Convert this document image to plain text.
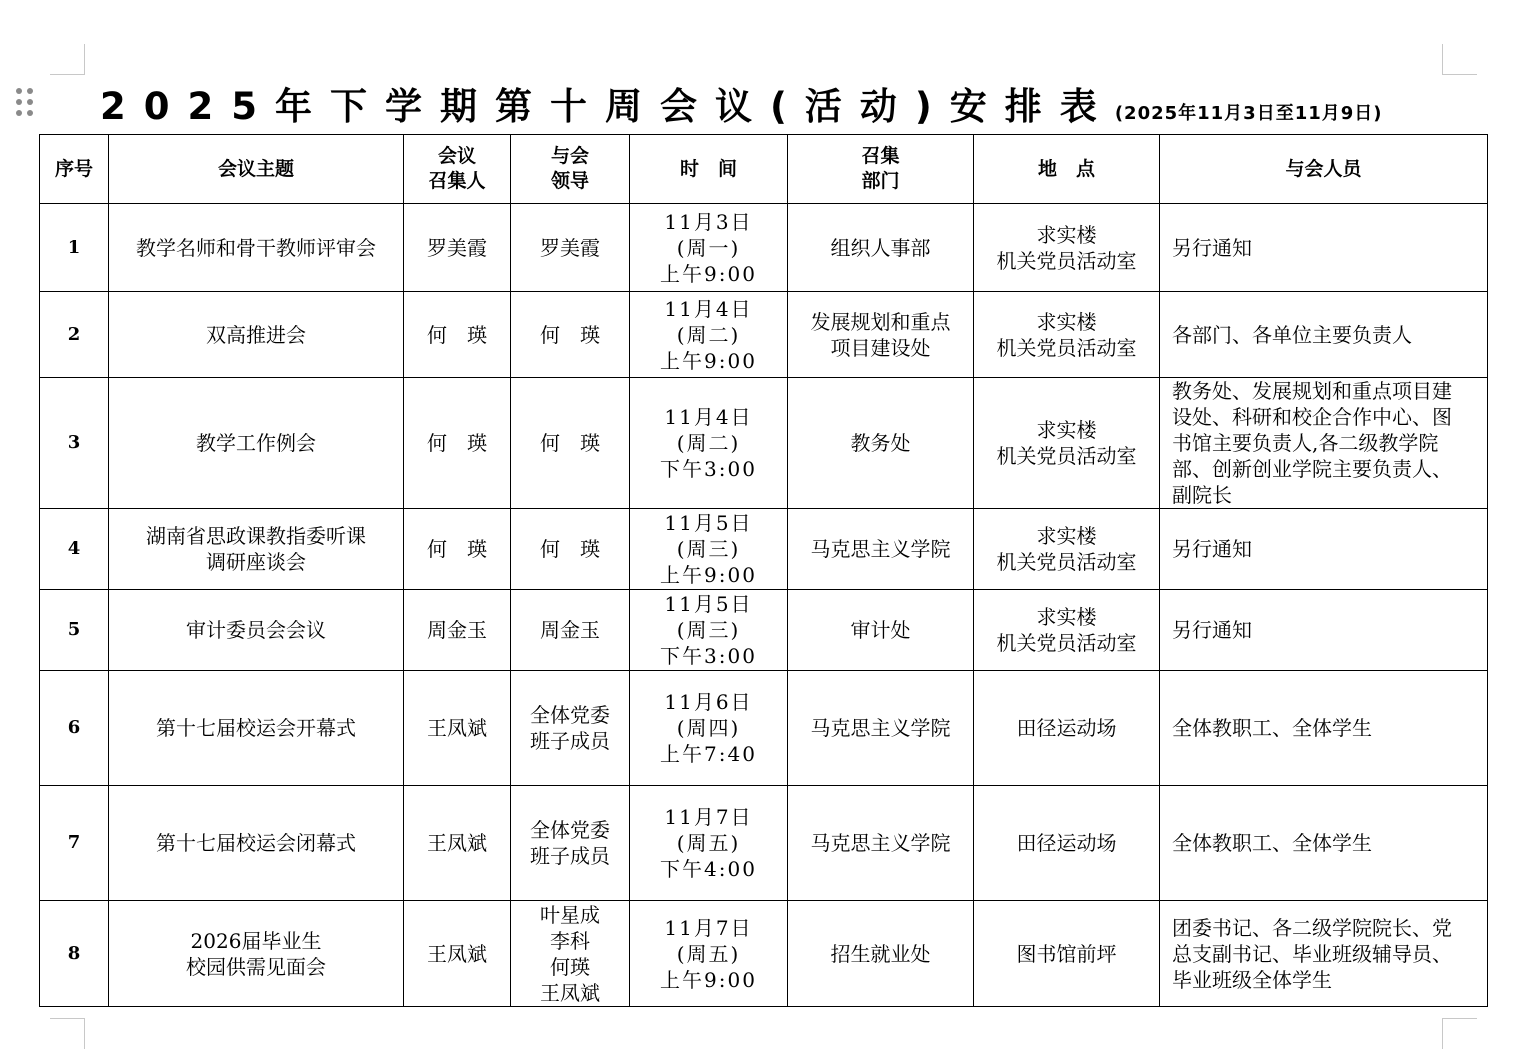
2025年下学期第十周会议(活动)安排表(2025年11月3日至11月9日)
序号	会议主题	会议
召集人	与会
领导	时　间	召集
部门	地　点	与会人员
1	教学名师和骨干教师评审会	罗美霞	罗美霞	11月3日
(周一)
上午9:00	组织人事部	求实楼
机关党员活动室	另行通知
2	双高推进会	何　瑛	何　瑛	11月4日
(周二)
上午9:00	发展规划和重点
项目建设处	求实楼
机关党员活动室	各部门、各单位主要负责人
3	教学工作例会	何　瑛	何　瑛	11月4日
(周二)
下午3:00	教务处	求实楼
机关党员活动室	教务处、发展规划和重点项目建
设处、科研和校企合作中心、图
书馆主要负责人,各二级教学院
部、创新创业学院主要负责人、
副院长
4	湖南省思政课教指委听课
调研座谈会	何　瑛	何　瑛	11月5日
(周三)
上午9:00	马克思主义学院	求实楼
机关党员活动室	另行通知
5	审计委员会会议	周金玉	周金玉	11月5日
(周三)
下午3:00	审计处	求实楼
机关党员活动室	另行通知
6	第十七届校运会开幕式	王凤斌	全体党委
班子成员	11月6日
(周四)
上午7:40	马克思主义学院	田径运动场	全体教职工、全体学生
7	第十七届校运会闭幕式	王凤斌	全体党委
班子成员	11月7日
(周五)
下午4:00	马克思主义学院	田径运动场	全体教职工、全体学生
8	2026届毕业生
校园供需见面会	王凤斌	叶星成
李科
何瑛
王凤斌	11月7日
(周五)
上午9:00	招生就业处	图书馆前坪	团委书记、各二级学院院长、党
总支副书记、毕业班级辅导员、
毕业班级全体学生
